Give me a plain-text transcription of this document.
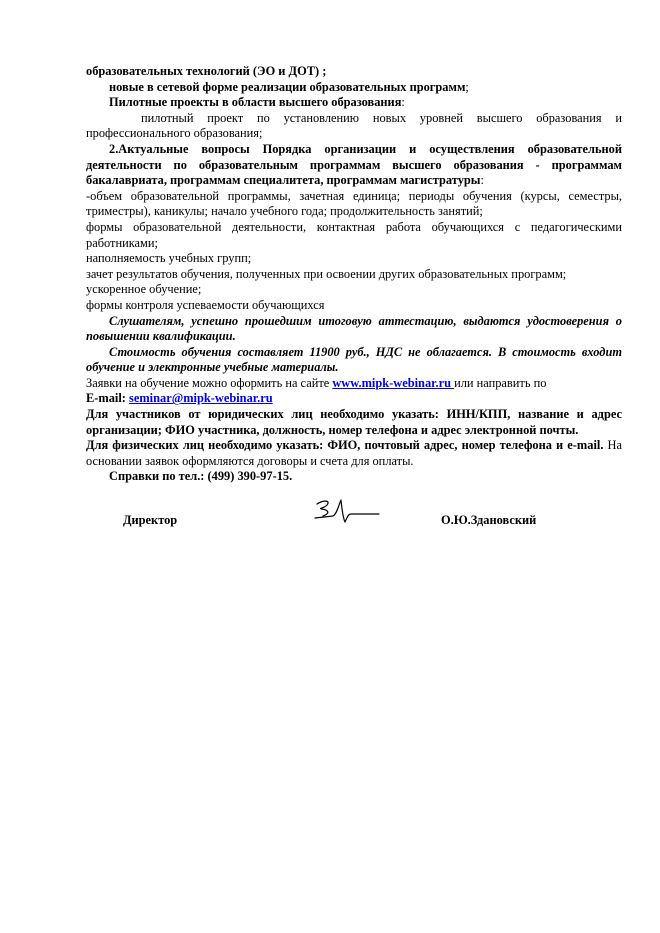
образовательных технологий (ЭО и ДОТ) ;

новые в сетевой форме реализации образовательных программ;

Пилотные проекты в области высшего образования:

пилотный проект по установлению новых уровней высшего образования и профессионального образования;

2.Актуальные вопросы Порядка организации и осуществления образовательной деятельности по образовательным программам высшего образования - программам бакалавриата, программам специалитета, программам магистратуры:

-объем образовательной программы, зачетная единица; периоды обучения (курсы, семестры, триместры), каникулы; начало учебного года; продолжительность занятий;

формы образовательной деятельности, контактная работа обучающихся с педагогическими работниками;

наполняемость учебных групп;

зачет результатов обучения, полученных при освоении других образовательных программ;

ускоренное обучение;

формы контроля успеваемости обучающихся

Слушателям, успешно прошедшим итоговую аттестацию, выдаются удостоверения о повышении квалификации.

Стоимость обучения составляет 11900 руб., НДС не облагается. В стоимость входит обучение и электронные учебные материалы.

Заявки на обучение можно оформить на сайте www.mipk-webinar.ru или направить по

E-mail: seminar@mipk-webinar.ru

Для участников от юридических лиц необходимо указать: ИНН/КПП, название и адрес организации; ФИО участника, должность, номер телефона и адрес электронной почты.

Для физических лиц необходимо указать: ФИО, почтовый адрес, номер телефона и e-mail. На основании заявок оформляются договоры и счета для оплаты.

Справки по тел.: (499) 390-97-15.

Директор	О.Ю.Здановский
